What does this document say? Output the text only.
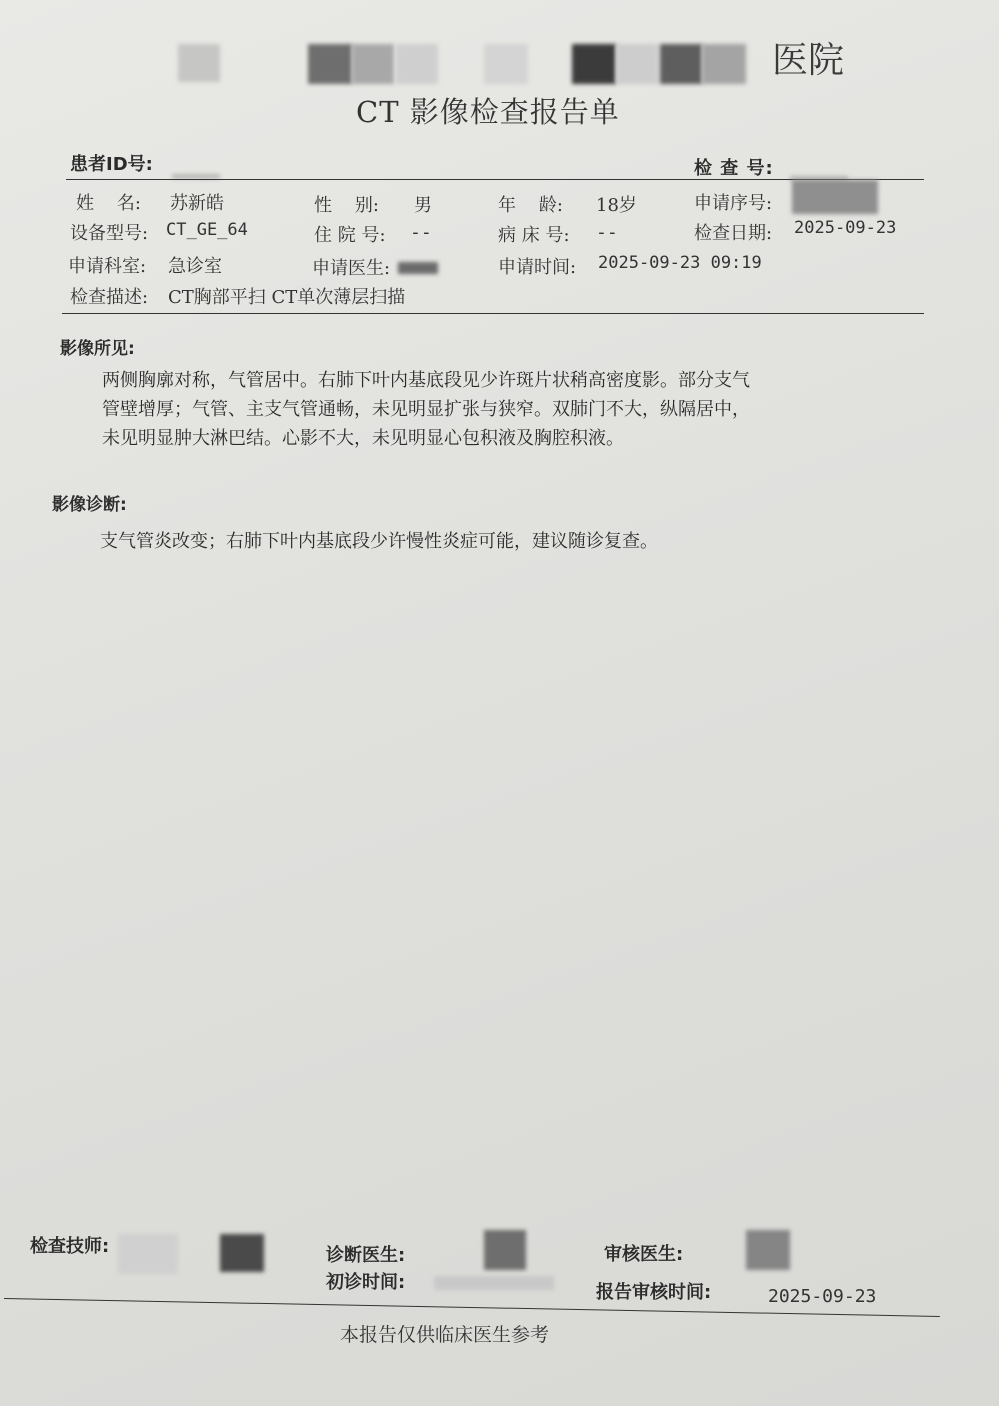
医院
CT 影像检查报告单
患者ID号:	检 查 号:
姓    名: 苏新皓	性    别: 男	年    龄: 18岁	申请序号:
设备型号: CT_GE_64	住 院 号: --	病 床 号: --	检查日期: 2025-09-23
申请科室: 急诊室	申请医生:	申请时间: 2025-09-23 09:19
检查描述: CT胸部平扫 CT单次薄层扫描
影像所见:
两侧胸廓对称，气管居中。右肺下叶内基底段见少许斑片状稍高密度影。部分支气
管壁增厚；气管、主支气管通畅，未见明显扩张与狭窄。双肺门不大，纵隔居中，
未见明显肿大淋巴结。心影不大，未见明显心包积液及胸腔积液。
影像诊断:
支气管炎改变；右肺下叶内基底段少许慢性炎症可能，建议随诊复查。
检查技师:	诊断医生:
初诊时间:
审核医生:
报告审核时间:	2025-09-23
本报告仅供临床医生参考
